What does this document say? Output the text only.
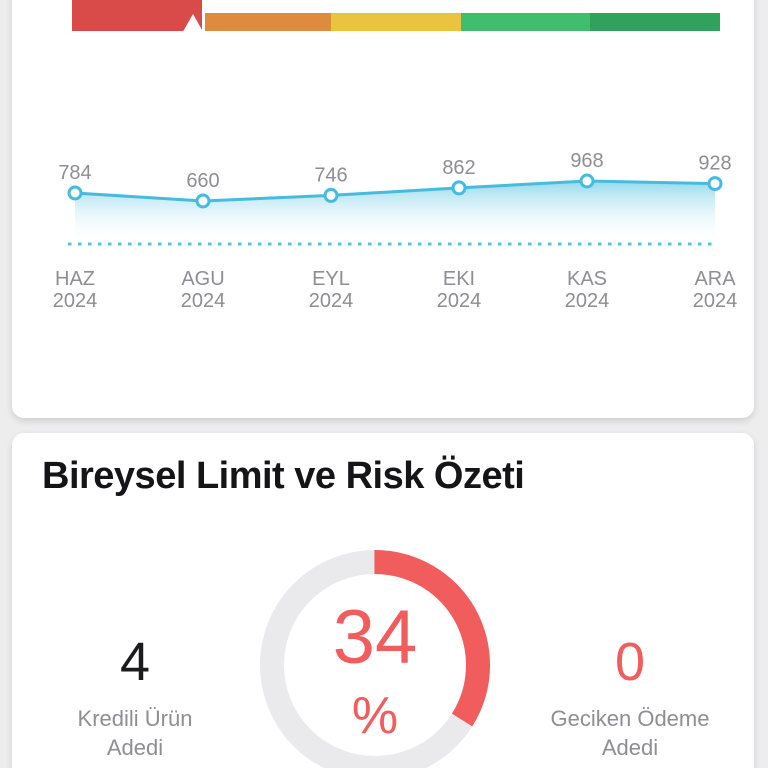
784
HAZ
2024
660
AGU
2024
746
EYL
2024
862
EKI
2024
968
KAS
2024
928
ARA
2024
Bireysel Limit ve Risk Özeti
4
Kredili Ürün
Adedi
34
%
0
Geciken Ödeme
Adedi
